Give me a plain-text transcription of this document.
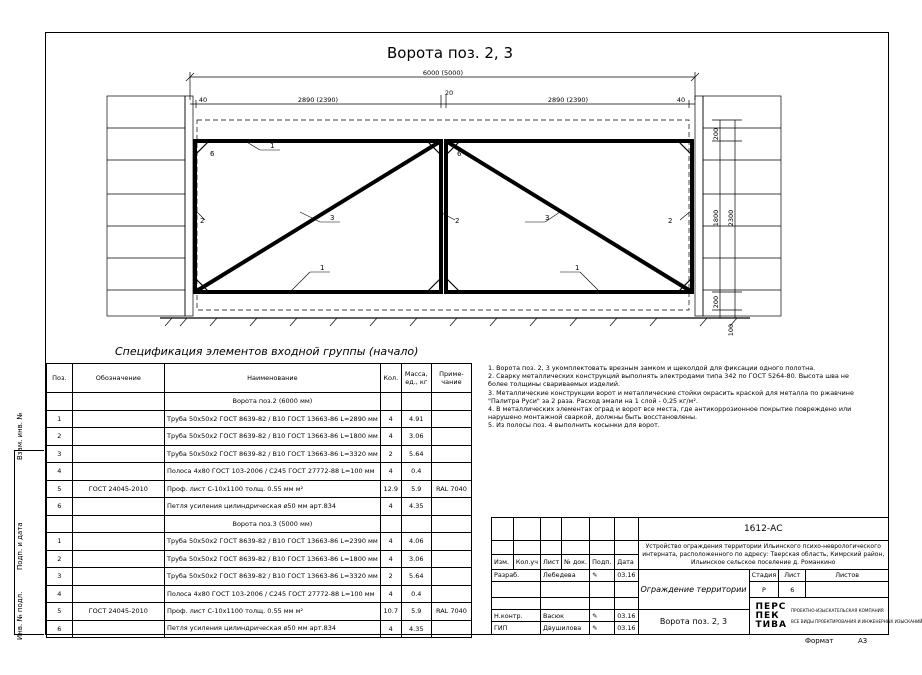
Ворота поз. 2, 3
6000 (5000)
40	2890 (2390)
20
2890 (2390)	40
200
1800 2300
200
100
1
1	1
2	2	2
3	3
6	6
Взам. инв. №
Подп. и дата
Инв. № подл.
Спецификация элементов входной группы (начало)
Поз.	Обозначение	Наименование	Кол.	Масса, ед., кг	Приме-чание
		Ворота поз.2 (6000 мм)			
1		Труба 50х50х2 ГОСТ 8639-82 / В10 ГОСТ 13663-86 L=2890 мм	4	4.91	
2		Труба 50х50х2 ГОСТ 8639-82 / В10 ГОСТ 13663-86 L=1800 мм	4	3.06	
3		Труба 50х50х2 ГОСТ 8639-82 / В10 ГОСТ 13663-86 L=3320 мм	2	5.64	
4		Полоса 4х80 ГОСТ 103-2006 / С245 ГОСТ 27772-88 L=100 мм	4	0.4	
5	ГОСТ 24045-2010	Проф. лист С-10х1100 толщ. 0.55 мм м²	12.9	5.9	RAL 7040
6		Петля усиления цилиндрическая ø50 мм арт.834	4	4.35	
		Ворота поз.3 (5000 мм)			
1		Труба 50х50х2 ГОСТ 8639-82 / В10 ГОСТ 13663-86 L=2390 мм	4	4.06	
2		Труба 50х50х2 ГОСТ 8639-82 / В10 ГОСТ 13663-86 L=1800 мм	4	3.06	
3		Труба 50х50х2 ГОСТ 8639-82 / В10 ГОСТ 13663-86 L=3320 мм	2	5.64	
4		Полоса 4х80 ГОСТ 103-2006 / С245 ГОСТ 27772-88 L=100 мм	4	0.4	
5	ГОСТ 24045-2010	Проф. лист С-10х1100 толщ. 0.55 мм м²	10.7	5.9	RAL 7040
6		Петля усиления цилиндрическая ø50 мм арт.834	4	4.35	
1. Ворота поз. 2, 3 укомплектовать врезным замком и щеколдой для фиксации одного полотна.
2. Сварку металлических конструкций выполнять электродами типа 342 по ГОСТ 5264-80. Высота шва не более толщины свариваемых изделий.
3. Металлические конструкции ворот и металлические стойки окрасить краской для металла по ржавчине "Палитра Руси" за 2 раза. Расход эмали на 1 слой - 0,25 кг/м².
4. В металлических элементах оград и ворот все места, где антикоррозионное покрытие повреждено или нарушено монтажной сваркой, должны быть восстановлены.
5. Из полосы поз. 4 выполнить косынки для ворот.
						1612-АС			
						Устройство ограждения территории Ильинского психо-неврологического интерната, расположенного по адресу: Тверская область, Кимрский район, Ильинское сельское поселение д. Романкино			
Изм.	Кол.уч	Лист	№ док.	Подп.	Дата				
Разраб.		Лебедева		✎	03.16	Ограждение территории	Стадия	Лист	Листов
							Р	6	

							ПЕРС
ПЕК
ТИВА
ПРОЕКТНО-ИЗЫСКАТЕЛЬСКАЯ КОМПАНИЯ
ВСЕ ВИДЫ ПРОЕКТИРОВАНИЯ И ИНЖЕНЕРНЫХ ИЗЫСКАНИЙ		

Н.контр.		Васюк		✎	03.16	Ворота поз. 2, 3			
ГИП		Двушилова		✎	03.16				
Формат	А3
